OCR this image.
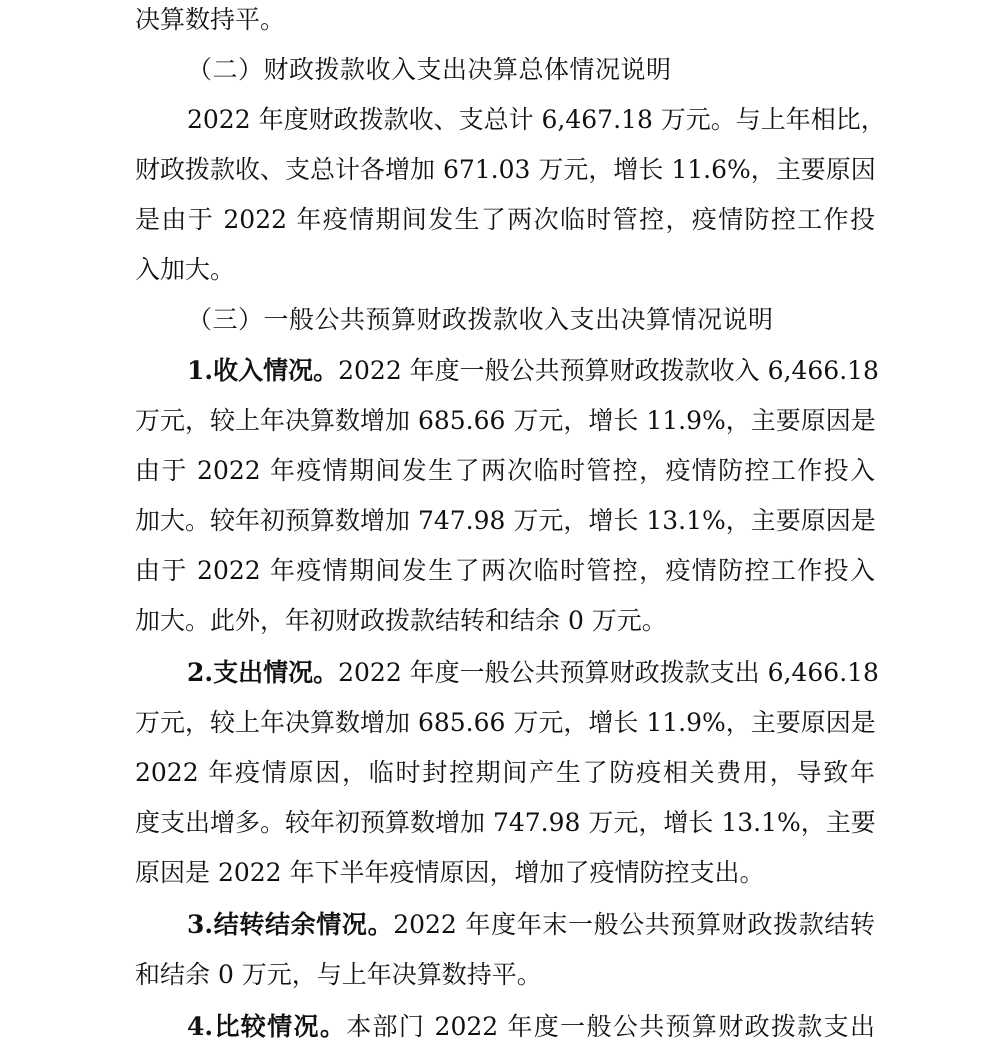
决算数持平。
（二）财政拨款收入支出决算总体情况说明
2022 年度财政拨款收、支总计 6,467.18 万元。与上年相比，
财政拨款收、支总计各增加 671.03 万元，增长 11.6%，主要原因
是由于 2022 年疫情期间发生了两次临时管控，疫情防控工作投
入加大。
（三）一般公共预算财政拨款收入支出决算情况说明
1.收入情况。2022 年度一般公共预算财政拨款收入 6,466.18
万元，较上年决算数增加 685.66 万元，增长 11.9%，主要原因是
由于 2022 年疫情期间发生了两次临时管控，疫情防控工作投入
加大。较年初预算数增加 747.98 万元，增长 13.1%，主要原因是
由于 2022 年疫情期间发生了两次临时管控，疫情防控工作投入
加大。此外，年初财政拨款结转和结余 0 万元。
2.支出情况。2022 年度一般公共预算财政拨款支出 6,466.18
万元，较上年决算数增加 685.66 万元，增长 11.9%，主要原因是
2022 年疫情原因，临时封控期间产生了防疫相关费用，导致年
度支出增多。较年初预算数增加 747.98 万元，增长 13.1%，主要
原因是 2022 年下半年疫情原因，增加了疫情防控支出。
3.结转结余情况。2022 年度年末一般公共预算财政拨款结转
和结余 0 万元，与上年决算数持平。
4.比较情况。本部门 2022 年度一般公共预算财政拨款支出
